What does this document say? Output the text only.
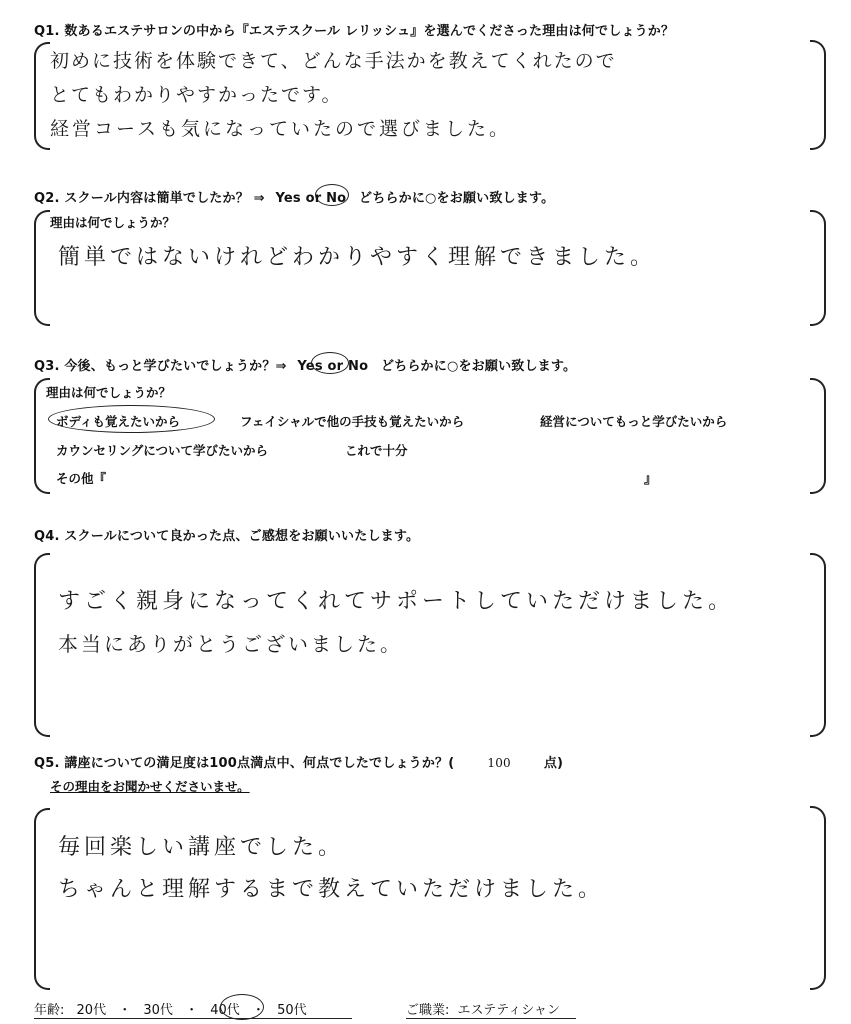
Q1. 数あるエステサロンの中から『エステスクール レリッシュ』を選んでくださった理由は何でしょうか？
初めに技術を体験できて、どんな手法かを教えてくれたので
とてもわかりやすかったです。
経営コースも気になっていたので選びました。
Q2. スクール内容は簡単でしたか？ ⇒ Yes or No どちらかに○をお願い致します。
理由は何でしょうか？
簡単ではないけれどわかりやすく理解できました。
Q3. 今後、もっと学びたいでしょうか？⇒ Yes or No どちらかに○をお願い致します。
理由は何でしょうか？
ボディも覚えたいから	フェイシャルで他の手技も覚えたいから	経営についてもっと学びたいから
カウンセリングについて学びたいから	これで十分
その他『	』
Q4. スクールについて良かった点、ご感想をお願いいたします。
すごく親身になってくれてサポートしていただけました。
本当にありがとうございました。
Q5. 講座についての満足度は100点満点中、何点でしたでしょうか？(	100	点)
その理由をお聞かせくださいませ。
毎回楽しい講座でした。
ちゃんと理解するまで教えていただけました。
年齢: 20代 ・ 30代 ・ 40代 ・ 50代	ご職業: エステティシャン
